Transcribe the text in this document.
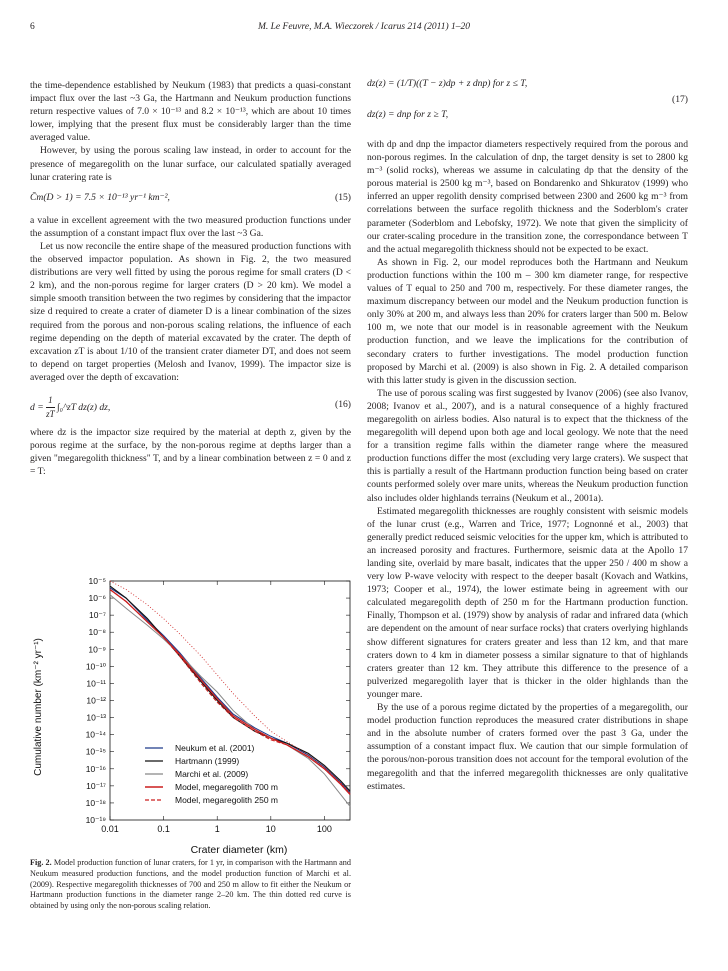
6	M. Le Feuvre, M.A. Wieczorek / Icarus 214 (2011) 1–20

the time-dependence established by Neukum (1983) that predicts a quasi-constant impact flux over the last ~3 Ga, the Hartmann and Neukum production functions return respective values of 7.0 × 10⁻¹³ and 8.2 × 10⁻¹³, which are about 10 times lower, implying that the present flux must be considerably larger than the time averaged value.

However, by using the porous scaling law instead, in order to account for the presence of megaregolith on the lunar surface, our calculated spatially averaged lunar cratering rate is

C̄m(D > 1) = 7.5 × 10⁻¹³ yr⁻¹ km⁻²,	(15)

a value in excellent agreement with the two measured production functions under the assumption of a constant impact flux over the last ~3 Ga.

Let us now reconcile the entire shape of the measured production functions with the observed impactor population. As shown in Fig. 2, the two measured distributions are very well fitted by using the porous regime for small craters (D < 2 km), and the non-porous regime for larger craters (D > 20 km). We model a simple smooth transition between the two regimes by considering that the impactor size d required to create a crater of diameter D is a linear combination of the sizes required from the porous and non-porous scaling relations, the influence of each regime depending on the depth of material excavated by the crater. The depth of excavation zT is about 1/10 of the transient crater diameter DT, and does not seem to depend on target properties (Melosh and Ivanov, 1999). The impactor size is averaged over the depth of excavation:

$d = \frac{1}{zT}$ ∫₀^zT dz(z) dz,	(16)

where dz is the impactor size required by the material at depth z, given by the porous regime at the surface, by the non-porous regime at depths larger than a given "megaregolith thickness" T, and by a linear combination between z = 0 and z = T:

dz(z) = (1/T)((T − z)dp + z dnp) for z ≤ T,
dz(z) = dnp for z ≥ T,
(17)

with dp and dnp the impactor diameters respectively required from the porous and non-porous regimes. In the calculation of dnp, the target density is set to 2800 kg m⁻³ (solid rocks), whereas we assume in calculating dp that the density of the porous material is 2500 kg m⁻³, based on Bondarenko and Shkuratov (1999) who inferred an upper regolith density comprised between 2300 and 2600 kg m⁻³ from correlations between the surface regolith thickness and the Soderblom's crater parameter (Soderblom and Lebofsky, 1972). We note that given the simplicity of our crater-scaling procedure in the transition zone, the correspondance between T and the actual megaregolith thickness should not be expected to be exact.

As shown in Fig. 2, our model reproduces both the Hartmann and Neukum production functions within the 100 m – 300 km diameter range, for respective values of T equal to 250 and 700 m, respectively. For these diameter ranges, the maximum discrepancy between our model and the Neukum production function is only 30% at 200 m, and always less than 20% for craters larger than 500 m. Below 100 m, we note that our model is in reasonable agreement with the Neukum production function, and we leave the implications for the contribution of secondary craters to further investigations. The model production function proposed by Marchi et al. (2009) is also shown in Fig. 2. A detailed comparison with this latter study is given in the discussion section.

The use of porous scaling was first suggested by Ivanov (2006) (see also Ivanov, 2008; Ivanov et al., 2007), and is a natural consequence of a highly fractured megaregolith on airless bodies. Also natural is to expect that the thickness of the megaregolith will depend upon both age and local geology. We note that the need for a transition regime falls within the diameter range where the measured production functions differ the most (excluding very large craters). We suspect that this is partially a result of the Hartmann production function being based on crater counts performed solely over mare units, whereas the Neukum production function also includes older highlands terrains (Neukum et al., 2001a).

Estimated megaregolith thicknesses are roughly consistent with seismic models of the lunar crust (e.g., Warren and Trice, 1977; Lognonné et al., 2003) that generally predict reduced seismic velocities for the upper km, which is attributed to an increased porosity and fractures. Furthermore, seismic data at the Apollo 17 landing site, overlaid by mare basalt, indicates that the upper 250 / 400 m show a very low P-wave velocity with respect to the deeper basalt (Kovach and Watkins, 1973; Cooper et al., 1974), the lower estimate being in agreement with our calculated megaregolith depth of 250 m for the Hartmann production function. Finally, Thompson et al. (1979) show by analysis of radar and infrared data (which are dependent on the amount of near surface rocks) that craters overlying highlands show different signatures for craters greater and less than 12 km, and that mare craters down to 4 km in diameter possess a similar signature to that of highlands craters greater than 12 km. They attribute this difference to the presence of a pulverized megaregolith layer that is thicker in the older highlands than the younger mare.

By the use of a porous regime dictated by the properties of a megaregolith, our model production function reproduces the measured crater distributions in shape and in the absolute number of craters formed over the past 3 Ga, under the assumption of a constant impact flux. We caution that our simple formulation of the porous/non-porous transition does not account for the temporal evolution of the megaregolith and that the inferred megaregolith thicknesses are only qualitative estimates.

10⁻⁵
10⁻⁶
10⁻⁷
10⁻⁸
10⁻⁹
10⁻¹⁰
10⁻¹¹
10⁻¹²
10⁻¹³
10⁻¹⁴
10⁻¹⁵
10⁻¹⁶
10⁻¹⁷
10⁻¹⁸
10⁻¹⁹
0.01	0.1	1	10	100
Neukum et al. (2001)
Hartmann (1999)
Marchi et al. (2009)
Model, megaregolith 700 m
Model, megaregolith 250 m
Crater diameter (km)
Cumulative number (km⁻² yr⁻¹)
Fig. 2. Model production function of lunar craters, for 1 yr, in comparison with the Hartmann and Neukum measured production functions, and the model production function of Marchi et al. (2009). Respective megaregolith thicknesses of 700 and 250 m allow to fit either the Neukum or Hartmann production functions in the diameter range 2–20 km. The thin dotted red curve is obtained by using only the non-porous scaling relation.
